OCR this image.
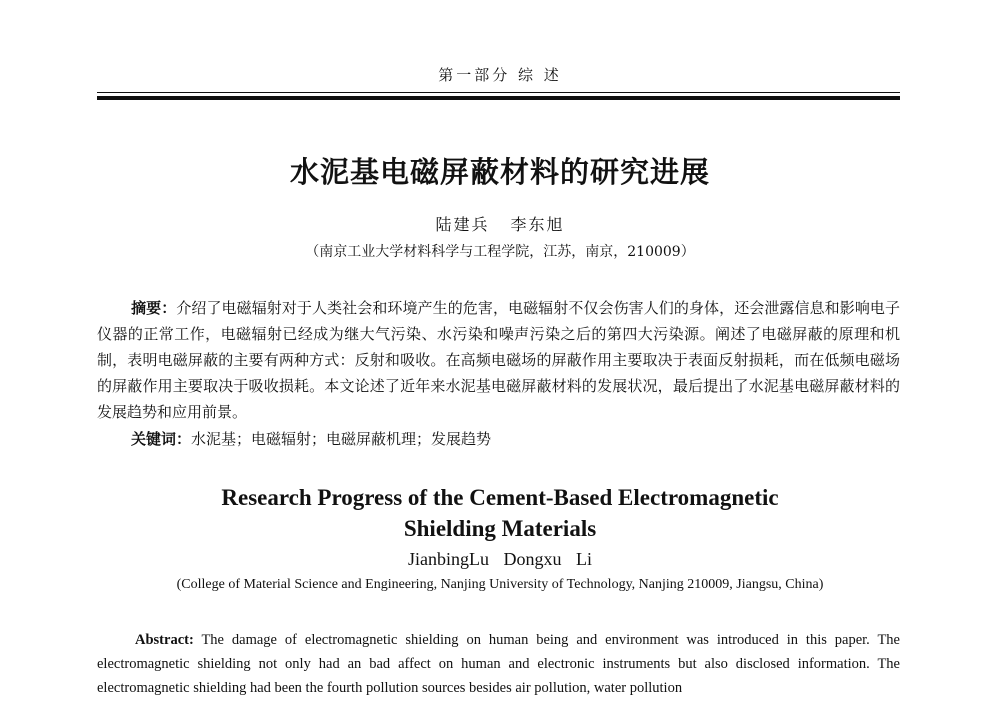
第一部分 综 述
水泥基电磁屏蔽材料的研究进展
陆建兵 李东旭
（南京工业大学材料科学与工程学院，江苏，南京，210009）
摘要：介绍了电磁辐射对于人类社会和环境产生的危害，电磁辐射不仅会伤害人们的身体，还会泄露信息和影响电子仪器的正常工作，电磁辐射已经成为继大气污染、水污染和噪声污染之后的第四大污染源。阐述了电磁屏蔽的原理和机制，表明电磁屏蔽的主要有两种方式：反射和吸收。在高频电磁场的屏蔽作用主要取决于表面反射损耗，而在低频电磁场的屏蔽作用主要取决于吸收损耗。本文论述了近年来水泥基电磁屏蔽材料的发展状况，最后提出了水泥基电磁屏蔽材料的发展趋势和应用前景。
关键词：水泥基；电磁辐射；电磁屏蔽机理；发展趋势
Research Progress of the Cement-Based Electromagnetic
Shielding Materials
JianbingLu Dongxu Li
(College of Material Science and Engineering, Nanjing University of Technology, Nanjing 210009, Jiangsu, China)
Abstract: The damage of electromagnetic shielding on human being and environment was introduced in this paper. The electromagnetic shielding not only had an bad affect on human and electronic instruments but also disclosed information. The electromagnetic shielding had been the fourth pollution sources besides air pollution, water pollution
